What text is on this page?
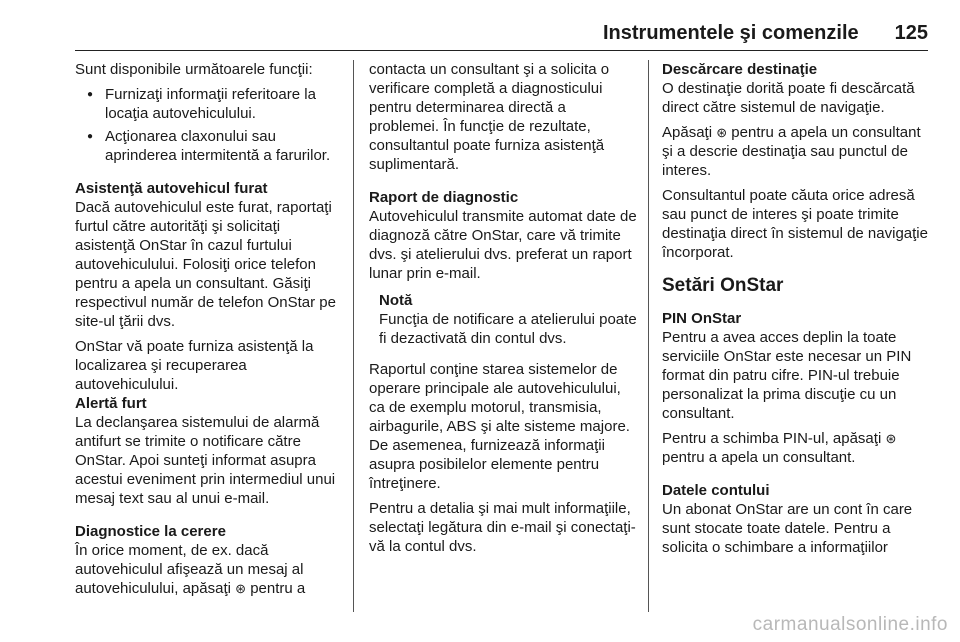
Instrumentele şi comenzile 125

Sunt disponibile următoarele funcţii:

● Furnizaţi informaţii referitoare la locaţia autovehiculului.
● Acţionarea claxonului sau aprinderea intermitentă a farurilor.

Asistenţă autovehicul furat

Dacă autovehiculul este furat, raportaţi furtul către autorităţi şi solicitaţi asistenţă OnStar în cazul furtului autovehiculului. Folosiţi orice telefon pentru a apela un consultant. Găsiţi respectivul număr de telefon OnStar pe site-ul ţării dvs.

OnStar vă poate furniza asistenţă la localizarea şi recuperarea autovehiculului.

Alertă furt

La declanşarea sistemului de alarmă antifurt se trimite o notificare către OnStar. Apoi sunteţi informat asupra acestui eveniment prin intermediul unui mesaj text sau al unui e-mail.

Diagnostice la cerere

În orice moment, de ex. dacă autovehiculul afişează un mesaj al autovehiculului, apăsaţi ⊛ pentru a

contacta un consultant şi a solicita o verificare completă a diagnosticului pentru determinarea directă a problemei. În funcţie de rezultate, consultantul poate furniza asistenţă suplimentară.

Raport de diagnostic

Autovehiculul transmite automat date de diagnoză către OnStar, care vă trimite dvs. şi atelierului dvs. preferat un raport lunar prin e-mail.

Notă
Funcţia de notificare a atelierului poate fi dezactivată din contul dvs.

Raportul conţine starea sistemelor de operare principale ale autovehiculului, ca de exemplu motorul, transmisia, airbagurile, ABS şi alte sisteme majore. De asemenea, furnizează informaţii asupra posibilelor elemente pentru întreţinere.

Pentru a detalia şi mai mult informaţiile, selectaţi legătura din e-mail şi conectaţi-vă la contul dvs.

Descărcare destinaţie

O destinaţie dorită poate fi descărcată direct către sistemul de navigaţie.

Apăsaţi ⊛ pentru a apela un consultant şi a descrie destinaţia sau punctul de interes.

Consultantul poate căuta orice adresă sau punct de interes şi poate trimite destinaţia direct în sistemul de navigaţie încorporat.

Setări OnStar

PIN OnStar

Pentru a avea acces deplin la toate serviciile OnStar este necesar un PIN format din patru cifre. PIN-ul trebuie personalizat la prima discuţie cu un consultant.

Pentru a schimba PIN-ul, apăsaţi ⊛ pentru a apela un consultant.

Datele contului

Un abonat OnStar are un cont în care sunt stocate toate datele. Pentru a solicita o schimbare a informaţiilor

carmanualsonline.info
